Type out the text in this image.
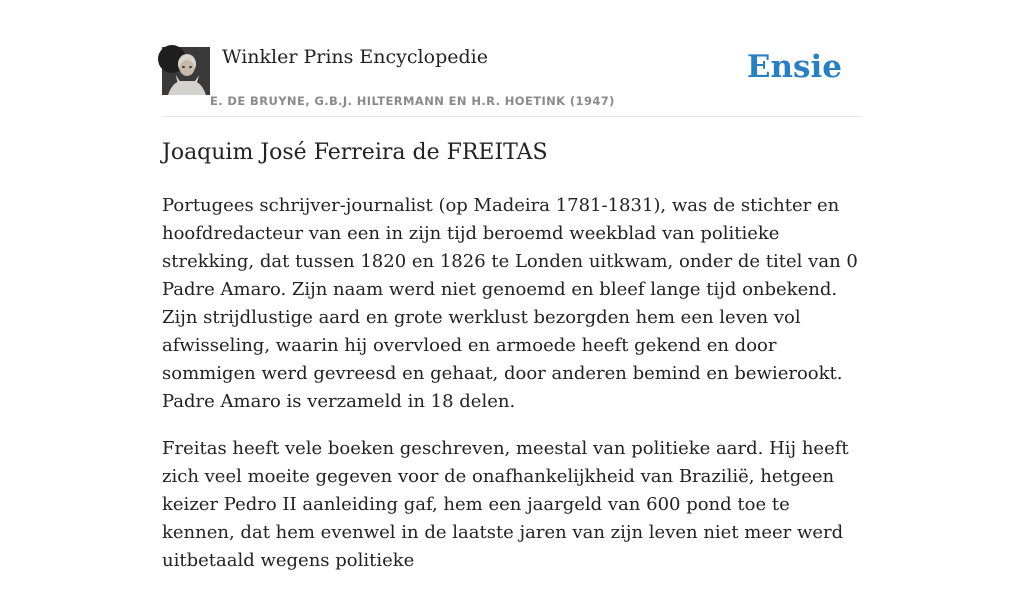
Winkler Prins Encyclopedie
E. DE BRUYNE, G.B.J. HILTERMANN EN H.R. HOETINK (1947)
Ensie
Joaquim José Ferreira de FREITAS

Portugees schrijver-journalist (op Madeira 1781-1831), was de stichter en hoofdredacteur van een in zijn tijd beroemd weekblad van politieke strekking, dat tussen 1820 en 1826 te Londen uitkwam, onder de titel van 0 Padre Amaro. Zijn naam werd niet genoemd en bleef lange tijd onbekend. Zijn strijdlustige aard en grote werklust bezorgden hem een leven vol afwisseling, waarin hij overvloed en armoede heeft gekend en door sommigen werd gevreesd en gehaat, door anderen bemind en bewierookt. Padre Amaro is verzameld in 18 delen.

Freitas heeft vele boeken geschreven, meestal van politieke aard. Hij heeft zich veel moeite gegeven voor de onafhankelijkheid van Brazilië, hetgeen keizer Pedro II aanleiding gaf, hem een jaargeld van 600 pond toe te kennen, dat hem evenwel in de laatste jaren van zijn leven niet meer werd uitbetaald wegens politieke
